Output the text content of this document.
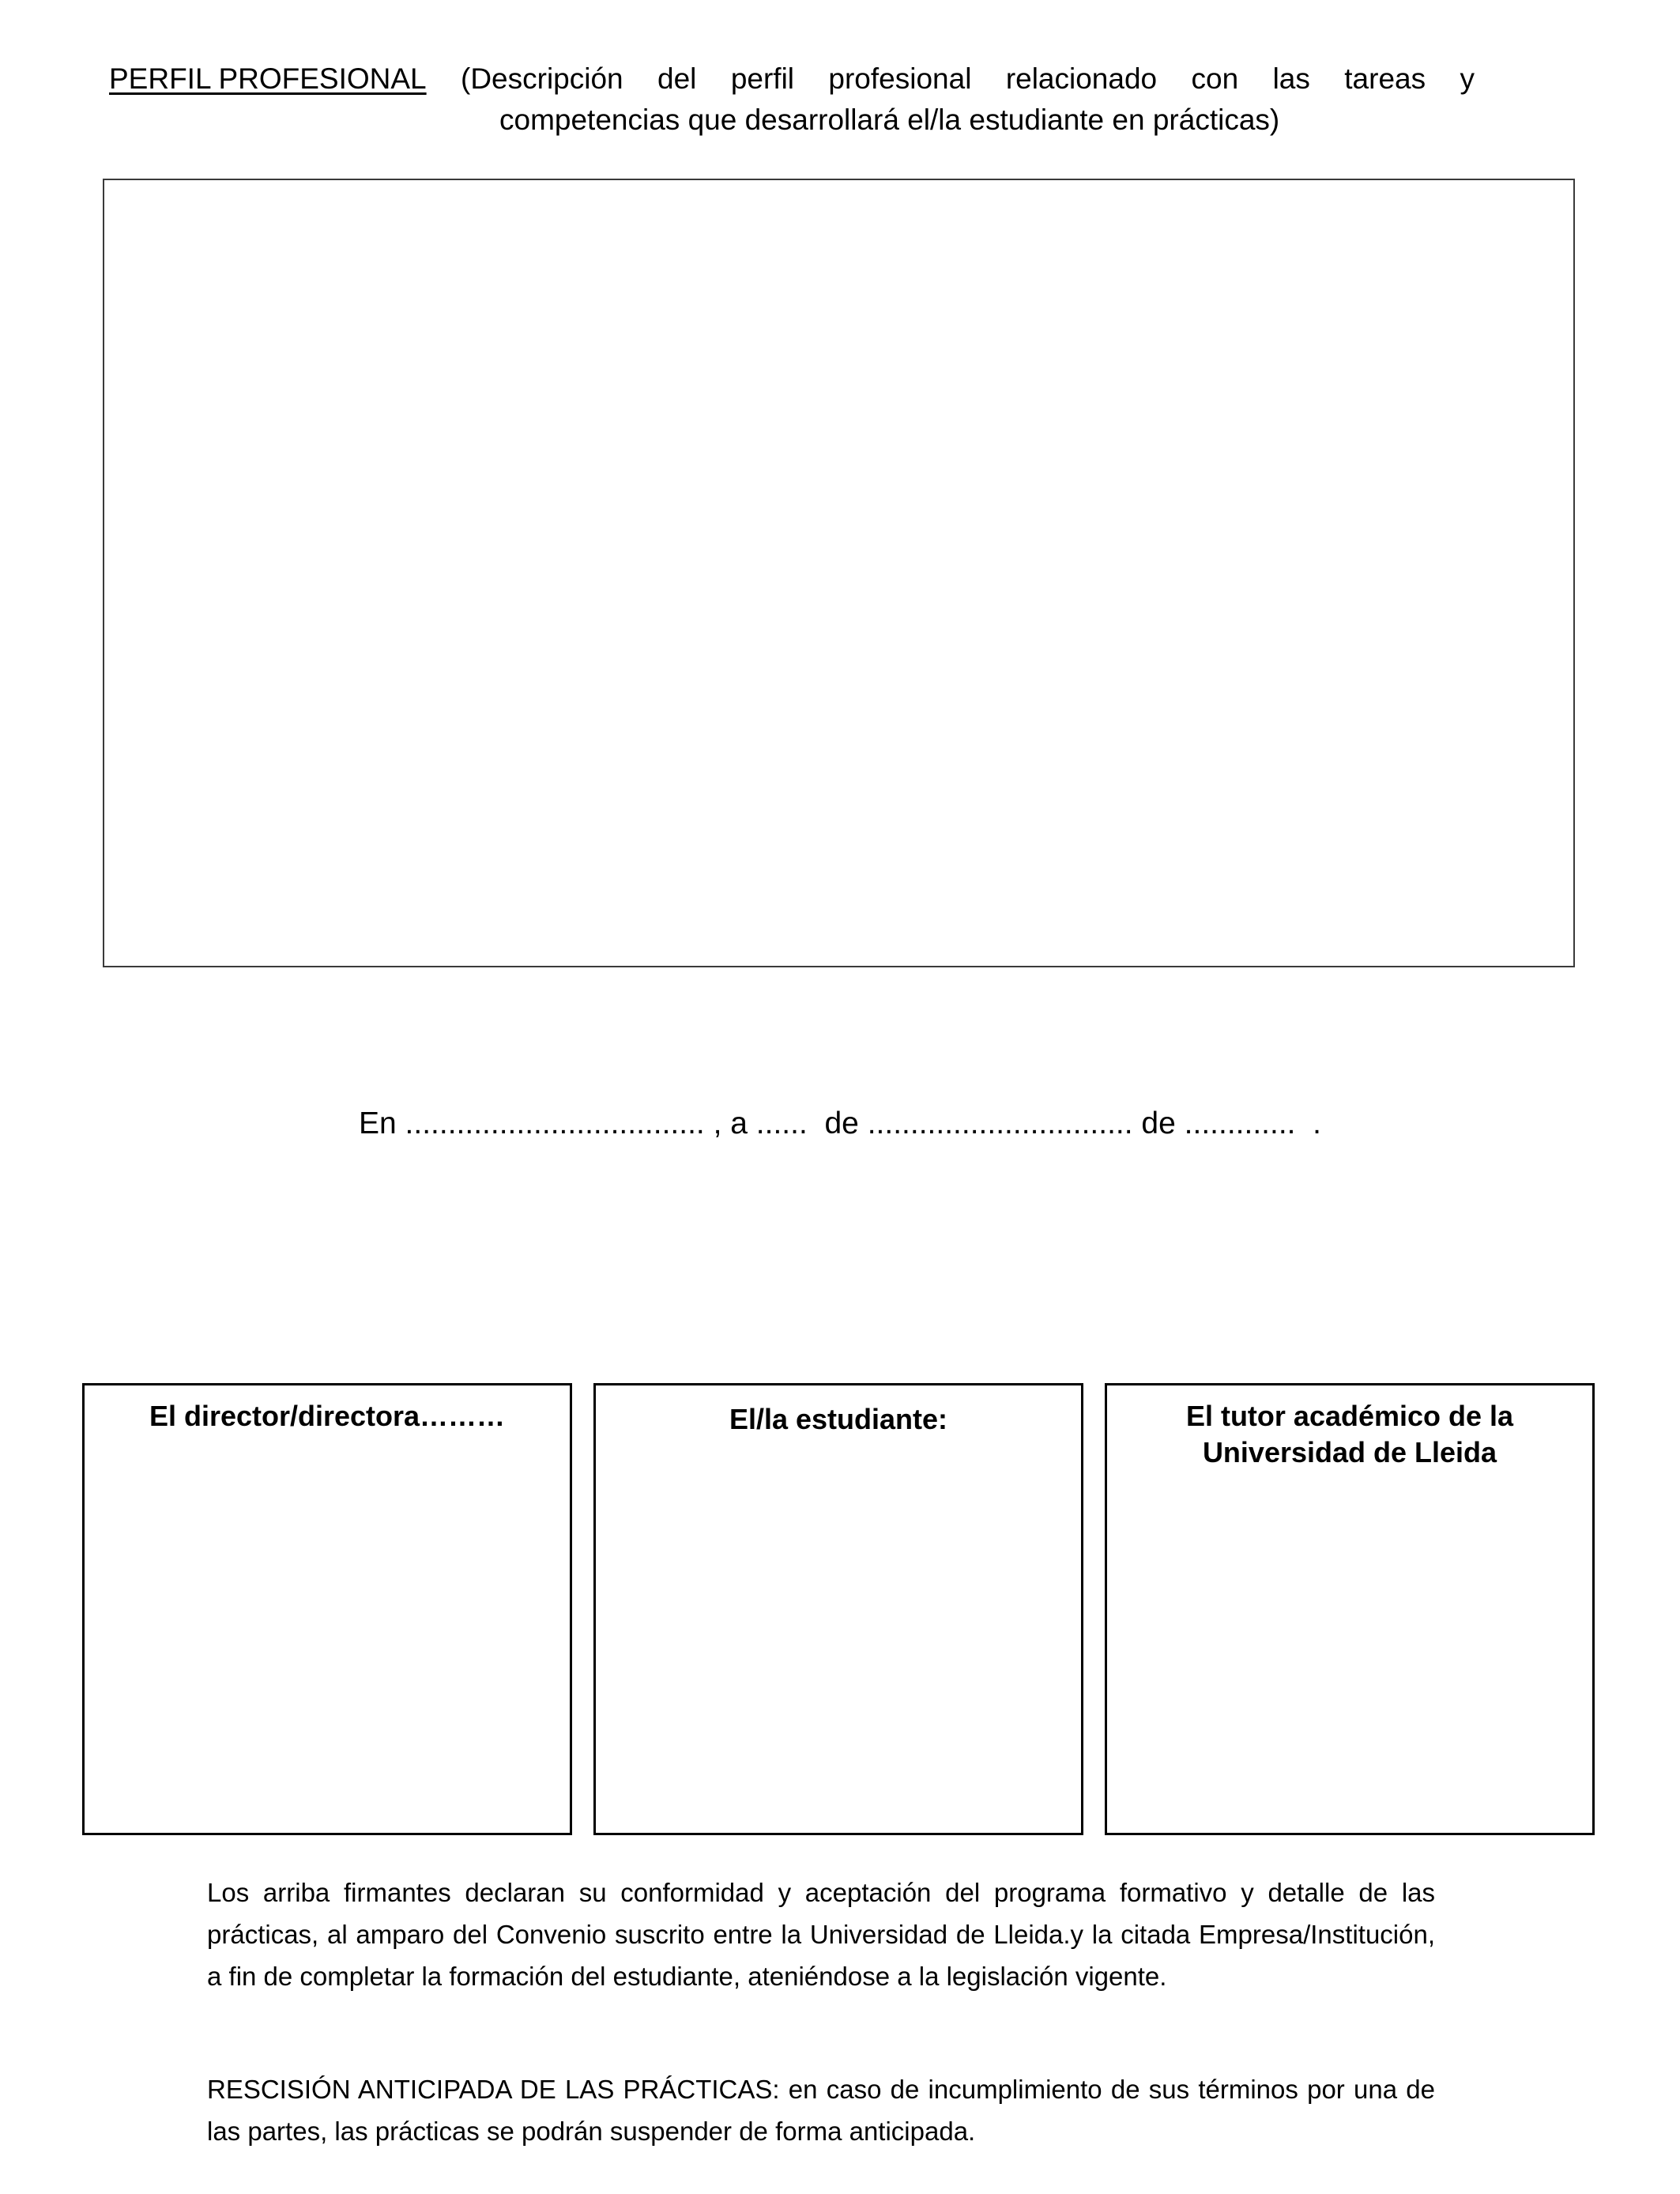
PERFIL PROFESIONAL (Descripción del perfil profesional relacionado con las tareas y
competencias que desarrollará el/la estudiante en prácticas)
En ................................... , a ......  de ............................... de .............  .
El director/directora………	El/la estudiante:	El tutor académico de la
Universidad de Lleida

Los arriba firmantes declaran su conformidad y aceptación del programa formativo y detalle de las prácticas, al amparo del Convenio suscrito entre la Universidad de Lleida.y la citada Empresa/Institución, a fin de completar la formación del estudiante, ateniéndose a la legislación vigente.

RESCISIÓN ANTICIPADA DE LAS PRÁCTICAS: en caso de incumplimiento de sus términos por una de las partes, las prácticas se podrán suspender de forma anticipada.
